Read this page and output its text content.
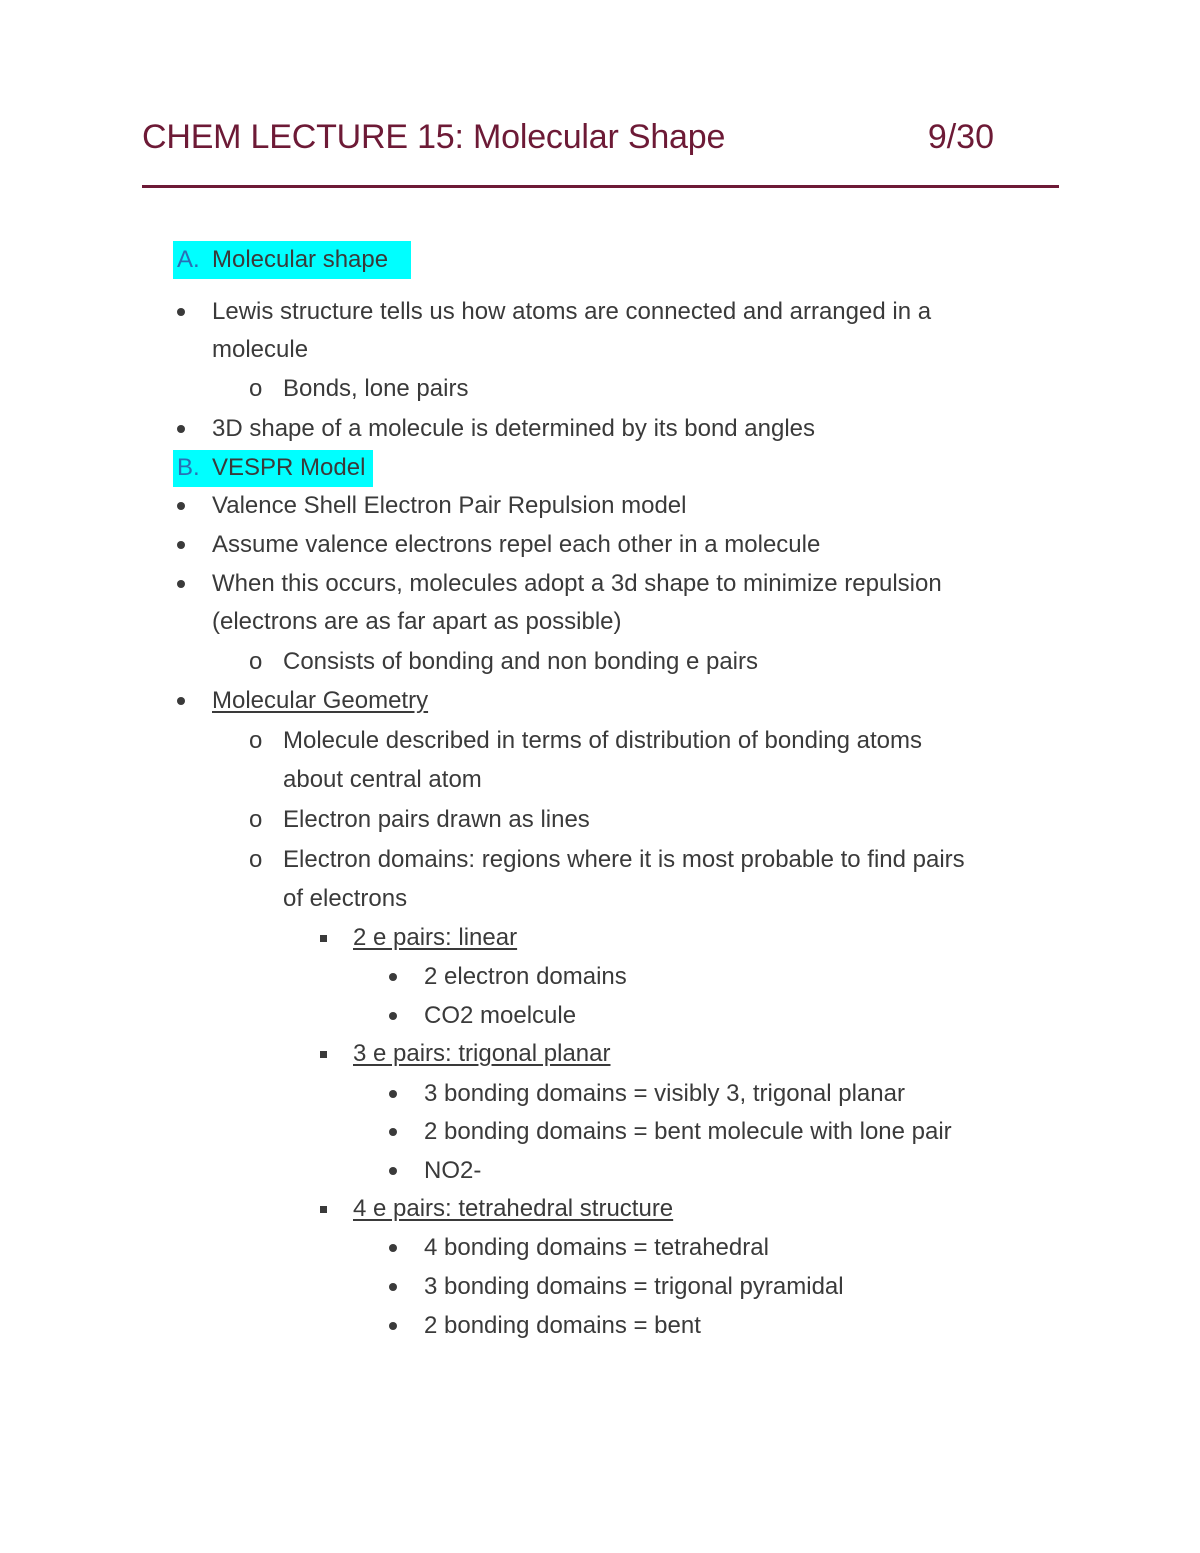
CHEM LECTURE 15: Molecular Shape	9/30
A. Molecular shape
Lewis structure tells us how atoms are connected and arranged in a
molecule
o Bonds, lone pairs
3D shape of a molecule is determined by its bond angles
B. VESPR Model
Valence Shell Electron Pair Repulsion model
Assume valence electrons repel each other in a molecule
When this occurs, molecules adopt a 3d shape to minimize repulsion
(electrons are as far apart as possible)
o Consists of bonding and non bonding e pairs
Molecular Geometry
o Molecule described in terms of distribution of bonding atoms
about central atom
o Electron pairs drawn as lines
o Electron domains: regions where it is most probable to find pairs
of electrons
2 e pairs: linear
2 electron domains
CO2 moelcule
3 e pairs: trigonal planar
3 bonding domains = visibly 3, trigonal planar
2 bonding domains = bent molecule with lone pair
NO2-
4 e pairs: tetrahedral structure
4 bonding domains = tetrahedral
3 bonding domains = trigonal pyramidal
2 bonding domains = bent
